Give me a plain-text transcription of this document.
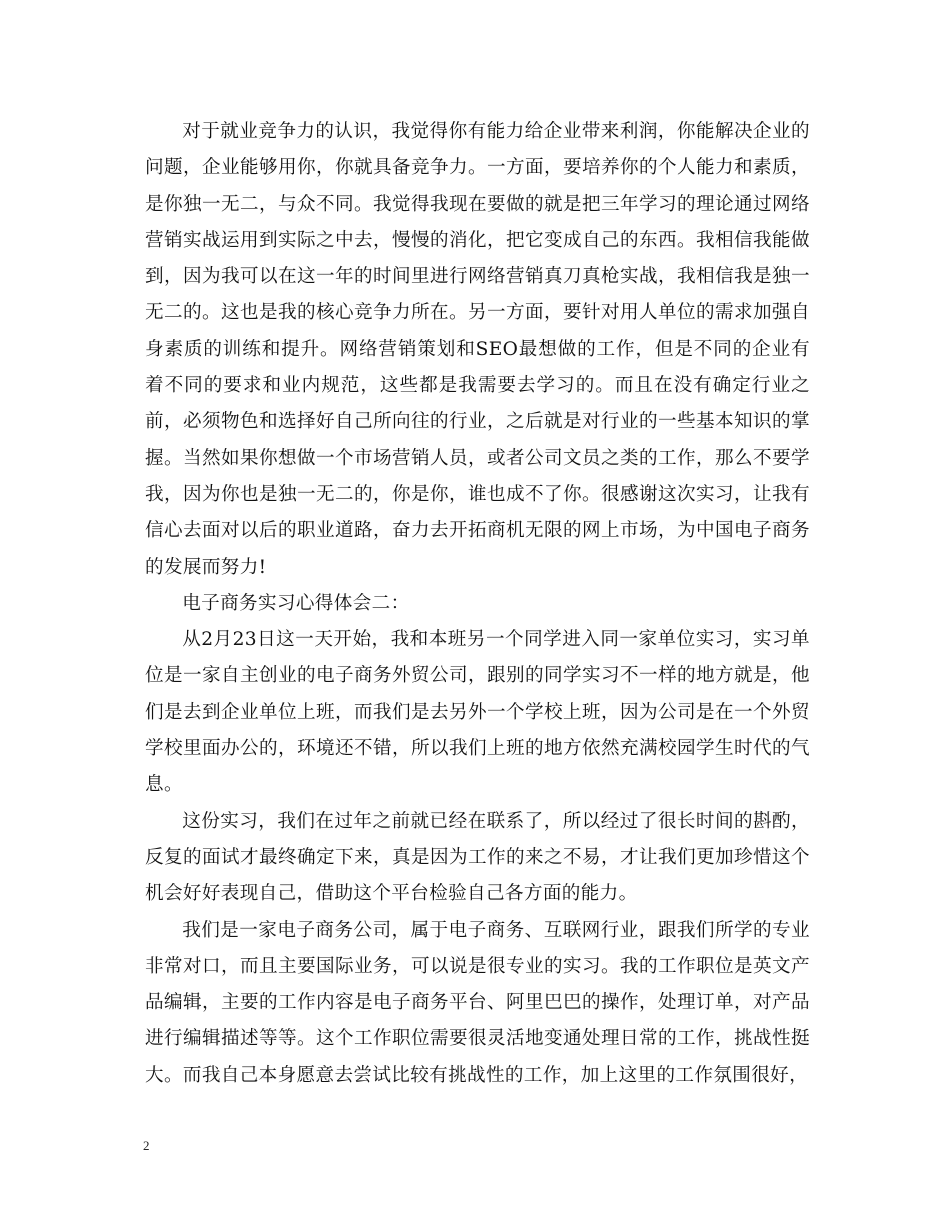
对于就业竞争力的认识，我觉得你有能力给企业带来利润，你能解决企业的问题，企业能够用你，你就具备竞争力。一方面，要培养你的个人能力和素质，是你独一无二，与众不同。我觉得我现在要做的就是把三年学习的理论通过网络营销实战运用到实际之中去，慢慢的消化，把它变成自己的东西。我相信我能做到，因为我可以在这一年的时间里进行网络营销真刀真枪实战，我相信我是独一无二的。这也是我的核心竞争力所在。另一方面，要针对用人单位的需求加强自身素质的训练和提升。网络营销策划和SEO最想做的工作，但是不同的企业有着不同的要求和业内规范，这些都是我需要去学习的。而且在没有确定行业之前，必须物色和选择好自己所向往的行业，之后就是对行业的一些基本知识的掌握。当然如果你想做一个市场营销人员，或者公司文员之类的工作，那么不要学我，因为你也是独一无二的，你是你，谁也成不了你。很感谢这次实习，让我有信心去面对以后的职业道路，奋力去开拓商机无限的网上市场，为中国电子商务的发展而努力!

电子商务实习心得体会二：

从2月23日这一天开始，我和本班另一个同学进入同一家单位实习，实习单位是一家自主创业的电子商务外贸公司，跟别的同学实习不一样的地方就是，他们是去到企业单位上班，而我们是去另外一个学校上班，因为公司是在一个外贸学校里面办公的，环境还不错，所以我们上班的地方依然充满校园学生时代的气息。

这份实习，我们在过年之前就已经在联系了，所以经过了很长时间的斟酌，反复的面试才最终确定下来，真是因为工作的来之不易，才让我们更加珍惜这个机会好好表现自己，借助这个平台检验自己各方面的能力。

我们是一家电子商务公司，属于电子商务、互联网行业，跟我们所学的专业非常对口，而且主要国际业务，可以说是很专业的实习。我的工作职位是英文产品编辑，主要的工作内容是电子商务平台、阿里巴巴的操作，处理订单，对产品进行编辑描述等等。这个工作职位需要很灵活地变通处理日常的工作，挑战性挺大。而我自己本身愿意去尝试比较有挑战性的工作，加上这里的工作氛围很好，

2
